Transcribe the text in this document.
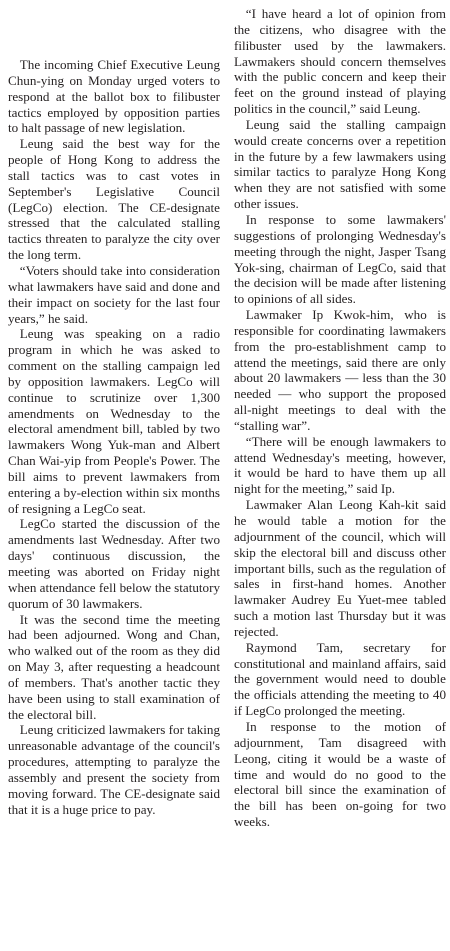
The incoming Chief Executive Leung Chun-ying on Monday urged voters to respond at the ballot box to filibuster tactics employed by opposition parties to halt passage of new legislation.

Leung said the best way for the people of Hong Kong to address the stall tactics was to cast votes in September's Legislative Council (LegCo) election. The CE-designate stressed that the calculated stalling tactics threaten to paralyze the city over the long term.

“Voters should take into consideration what lawmakers have said and done and their impact on society for the last four years,” he said.

Leung was speaking on a radio program in which he was asked to comment on the stalling campaign led by opposition lawmakers. LegCo will continue to scrutinize over 1,300 amendments on Wednesday to the electoral amendment bill, tabled by two lawmakers Wong Yuk-man and Albert Chan Wai-yip from People's Power. The bill aims to prevent lawmakers from entering a by-election within six months of resigning a LegCo seat.

LegCo started the discussion of the amendments last Wednesday. After two days' continuous discussion, the meeting was aborted on Friday night when attendance fell below the statutory quorum of 30 lawmakers.

It was the second time the meeting had been adjourned. Wong and Chan, who walked out of the room as they did on May 3, after requesting a headcount of members. That's another tactic they have been using to stall examination of the electoral bill.

Leung criticized lawmakers for taking unreasonable advantage of the council's procedures, attempting to paralyze the assembly and present the society from moving forward. The CE-designate said that it is a huge price to pay.

“I have heard a lot of opinion from the citizens, who disagree with the filibuster used by the lawmakers. Lawmakers should concern themselves with the public concern and keep their feet on the ground instead of playing politics in the council,” said Leung.

Leung said the stalling campaign would create concerns over a repetition in the future by a few lawmakers using similar tactics to paralyze Hong Kong when they are not satisfied with some other issues.

In response to some lawmakers' suggestions of prolonging Wednesday's meeting through the night, Jasper Tsang Yok-sing, chairman of LegCo, said that the decision will be made after listening to opinions of all sides.

Lawmaker Ip Kwok-him, who is responsible for coordinating lawmakers from the pro-establishment camp to attend the meetings, said there are only about 20 lawmakers — less than the 30 needed — who support the proposed all-night meetings to deal with the “stalling war”.

“There will be enough lawmakers to attend Wednesday's meeting, however, it would be hard to have them up all night for the meeting,” said Ip.

Lawmaker Alan Leong Kah-kit said he would table a motion for the adjournment of the council, which will skip the electoral bill and discuss other important bills, such as the regulation of sales in first-hand homes. Another lawmaker Audrey Eu Yuet-mee tabled such a motion last Thursday but it was rejected.

Raymond Tam, secretary for constitutional and mainland affairs, said the government would need to double the officials attending the meeting to 40 if LegCo prolonged the meeting.

In response to the motion of adjournment, Tam disagreed with Leong, citing it would be a waste of time and would do no good to the electoral bill since the examination of the bill has been on-going for two weeks.
